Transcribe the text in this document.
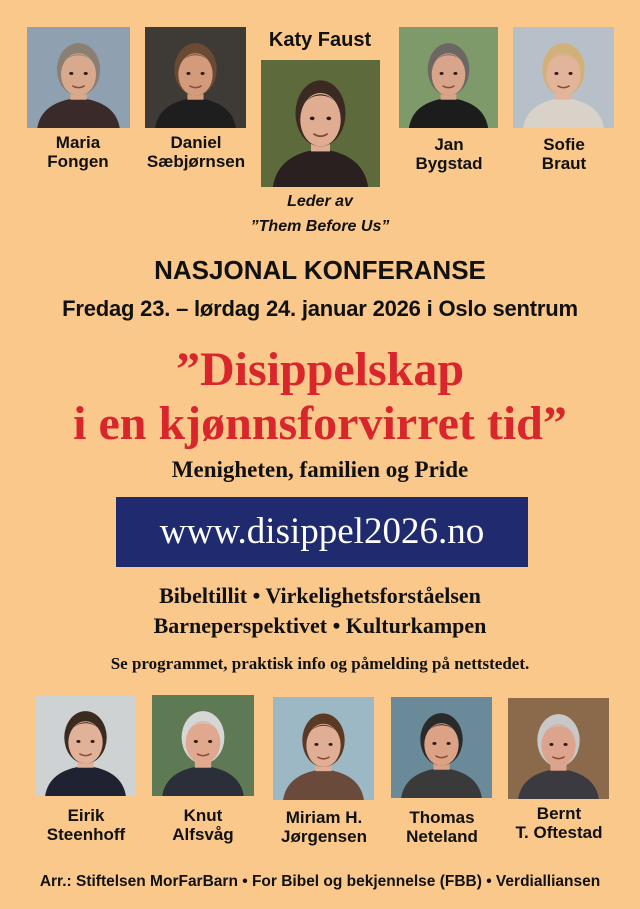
Maria
Fongen
Daniel
Sæbjørnsen
Jan
Bygstad
Sofie
Braut
Katy Faust
Leder av
”Them Before Us”
NASJONAL KONFERANSE
Fredag 23. – lørdag 24. januar 2026 i Oslo sentrum
”Disippelskap
i en kjønnsforvirret tid”
Menigheten, familien og Pride
www.disippel2026.no
Bibeltillit • Virkelighetsforståelsen
Barneperspektivet • Kulturkampen
Se programmet, praktisk info og påmelding på nettstedet.
Eirik
Steenhoff
Knut
Alfsvåg
Miriam H.
Jørgensen
Thomas
Neteland
Bernt
T. Oftestad
Arr.: Stiftelsen MorFarBarn • For Bibel og bekjennelse (FBB) • Verdialliansen
